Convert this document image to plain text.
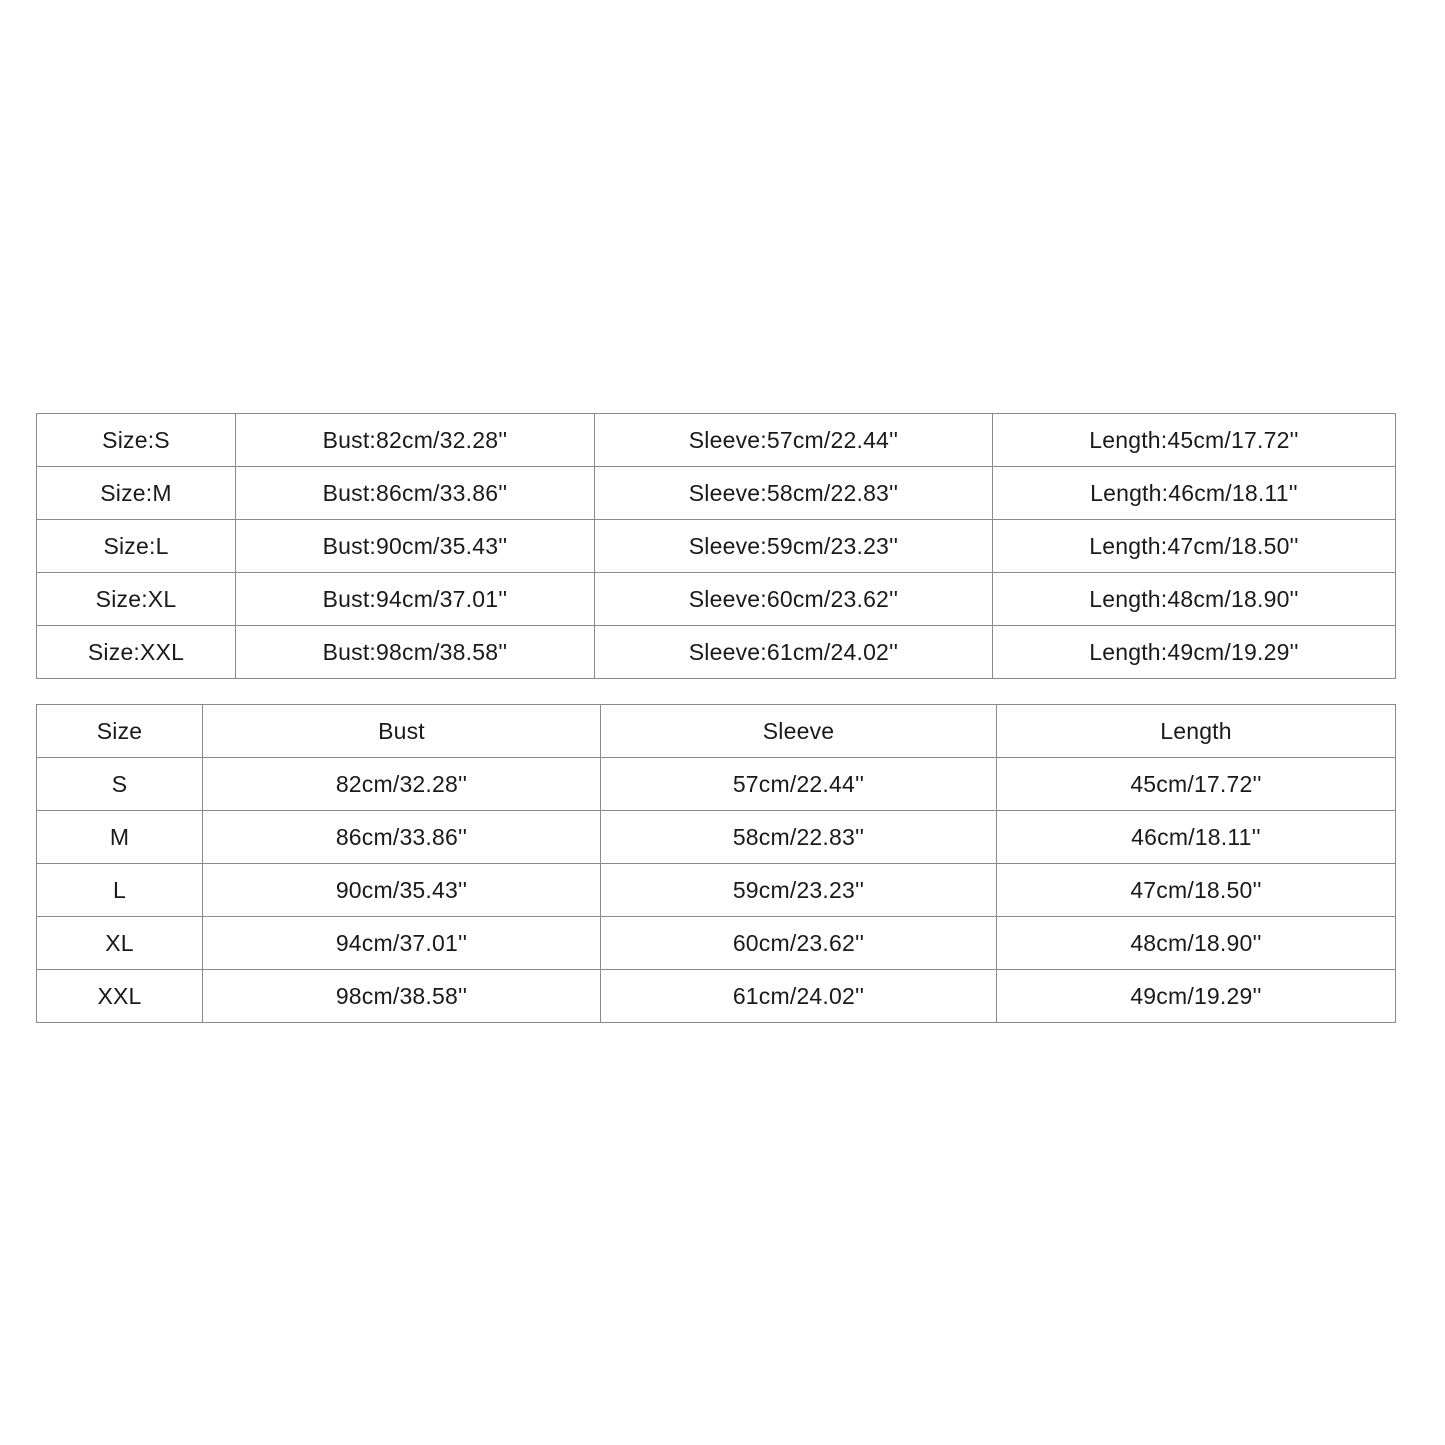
Size:S	Bust:82cm/32.28''	Sleeve:57cm/22.44''	Length:45cm/17.72''
Size:M	Bust:86cm/33.86''	Sleeve:58cm/22.83''	Length:46cm/18.11''
Size:L	Bust:90cm/35.43''	Sleeve:59cm/23.23''	Length:47cm/18.50''
Size:XL	Bust:94cm/37.01''	Sleeve:60cm/23.62''	Length:48cm/18.90''
Size:XXL	Bust:98cm/38.58''	Sleeve:61cm/24.02''	Length:49cm/19.29''
Size	Bust	Sleeve	Length
S	82cm/32.28''	57cm/22.44''	45cm/17.72''
M	86cm/33.86''	58cm/22.83''	46cm/18.11''
L	90cm/35.43''	59cm/23.23''	47cm/18.50''
XL	94cm/37.01''	60cm/23.62''	48cm/18.90''
XXL	98cm/38.58''	61cm/24.02''	49cm/19.29''
